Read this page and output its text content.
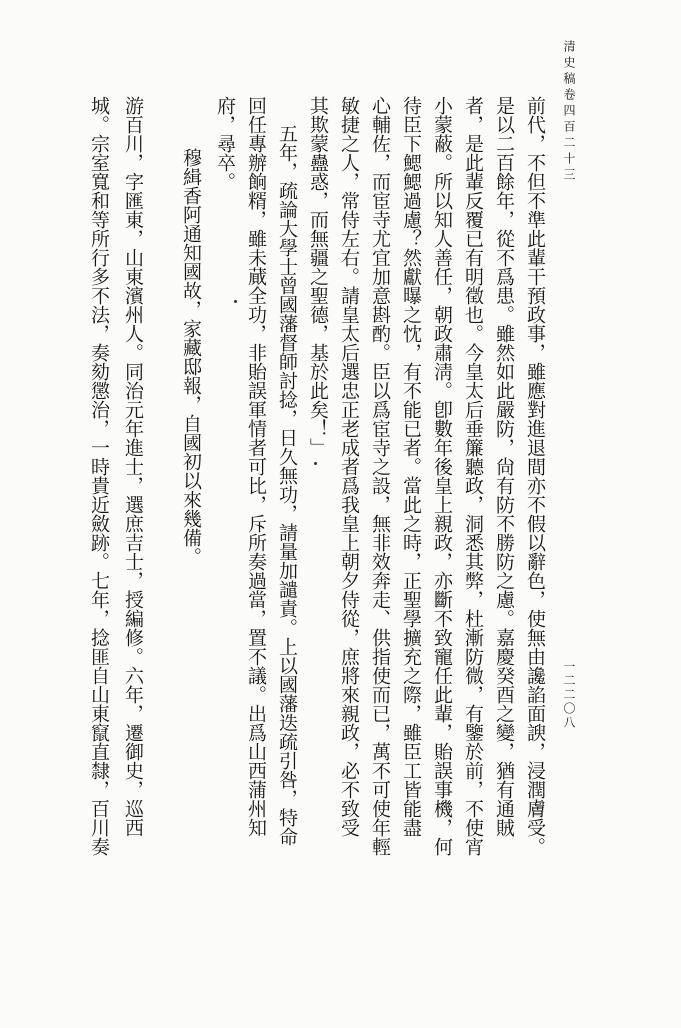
清史稿卷四百二十三
一二二〇八
前代，不但不準此輩干預政事，雖應對進退間亦不假以辭色，使無由讒諂面諛，浸潤膚受。
是以二百餘年，從不爲患。雖然如此嚴防，尙有防不勝防之慮。嘉慶癸酉之變，猶有通賊
者，是此輩反覆已有明徵也。今皇太后垂簾聽政，洞悉其弊，杜漸防微，有鑒於前，不使宵
小蒙蔽。所以知人善任，朝政肅淸。卽數年後皇上親政，亦斷不致寵任此輩，貽誤事機，何
待臣下鰓鰓過慮？然獻曝之忱，有不能已者。當此之時，正聖學擴充之際，雖臣工皆能盡
心輔佐，而宦寺尤宜加意斟酌。臣以爲宦寺之設，無非效奔走、供指使而已，萬不可使年輕
敏捷之人，常侍左右。請皇太后選忠正老成者爲我皇上朝夕侍從，庶將來親政，必不致受
其欺蒙蠱惑，而無疆之聖德，基於此矣！」
五年，疏論大學士曾國藩督師討捻，日久無功，請量加譴責。上以國藩迭疏引咎，特命
回任專辦餉糈，雖未蕆全功，非貽誤軍情者可比，斥所奏過當，置不議。出爲山西蒲州知
府，尋卒。
穆緝香阿通知國故，家藏邸報，自國初以來幾備。
游百川，字匯東，山東濱州人。同治元年進士，選庶吉士，授編修。六年，遷御史，巡西
城。宗室寬和等所行多不法，奏劾懲治，一時貴近斂跡。七年，捻匪自山東竄直隸，百川奏
